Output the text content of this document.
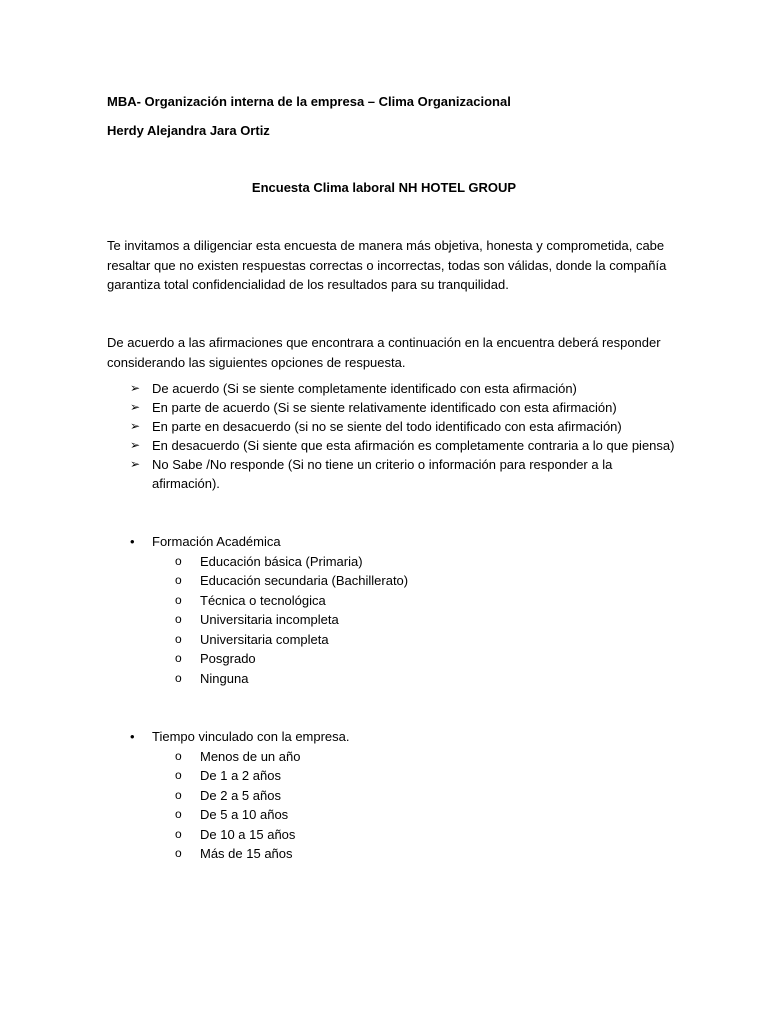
MBA- Organización interna de la empresa – Clima Organizacional
Herdy Alejandra Jara Ortiz
Encuesta Clima laboral NH HOTEL GROUP

Te invitamos a diligenciar esta encuesta de manera más objetiva, honesta y comprometida, cabe

resaltar que no existen respuestas correctas o incorrectas, todas son válidas, donde la compañía

garantiza total confidencialidad de los resultados para su tranquilidad.

De acuerdo a las afirmaciones que encontrara a continuación en la encuentra deberá responder

considerando las siguientes opciones de respuesta.

➢ De acuerdo (Si se siente completamente identificado con esta afirmación)
➢ En parte de acuerdo (Si se siente relativamente identificado con esta afirmación)
➢ En parte en desacuerdo (si no se siente del todo identificado con esta afirmación)
➢ En desacuerdo (Si siente que esta afirmación es completamente contraria a lo que piensa)
➢ No Sabe /No responde (Si no tiene un criterio o información para responder a la
afirmación).
• Formación Académica
o Educación básica (Primaria)
o Educación secundaria (Bachillerato)
o Técnica o tecnológica
o Universitaria incompleta
o Universitaria completa
o Posgrado
o Ninguna
• Tiempo vinculado con la empresa.
o Menos de un año
o De 1 a 2 años
o De 2 a 5 años
o De 5 a 10 años
o De 10 a 15 años
o Más de 15 años
